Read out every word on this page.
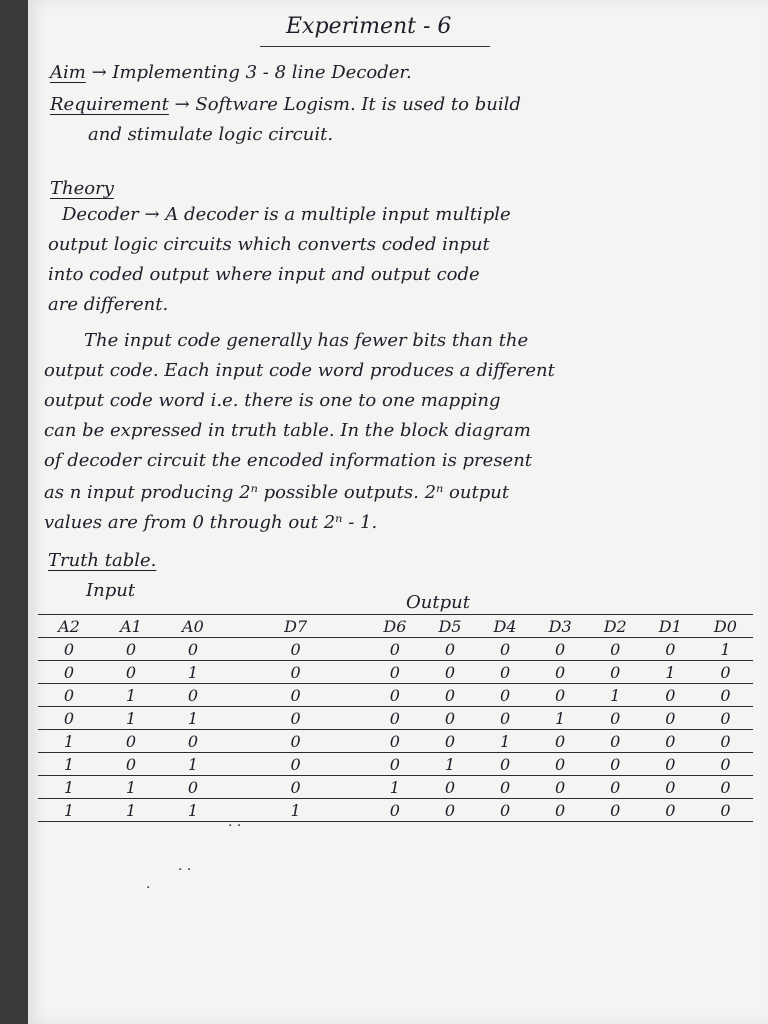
Experiment - 6
Aim → Implementing 3 - 8 line Decoder.
Requirement → Software Logism. It is used to build
and stimulate logic circuit.
Theory
Decoder → A decoder is a multiple input multiple
output logic circuits which converts coded input
into coded output where input and output code
are different.
The input code generally has fewer bits than the
output code. Each input code word produces a different
output code word i.e. there is one to one mapping
can be expressed in truth table. In the block diagram
of decoder circuit the encoded information is present
as n input producing 2ⁿ possible outputs. 2ⁿ output
values are from 0 through out 2ⁿ - 1.
Truth table.
Input
Output
A2	A1	A0	D7	D6	D5	D4	D3	D2	D1	D0
0	0	0	0	0	0	0	0	0	0	1
0	0	1	0	0	0	0	0	0	1	0
0	1	0	0	0	0	0	0	1	0	0
0	1	1	0	0	0	0	1	0	0	0
1	0	0	0	0	0	1	0	0	0	0
1	0	1	0	0	1	0	0	0	0	0
1	1	0	0	1	0	0	0	0	0	0
1	1	1	1	0	0	0	0	0	0	0
· ·
· ·
·
